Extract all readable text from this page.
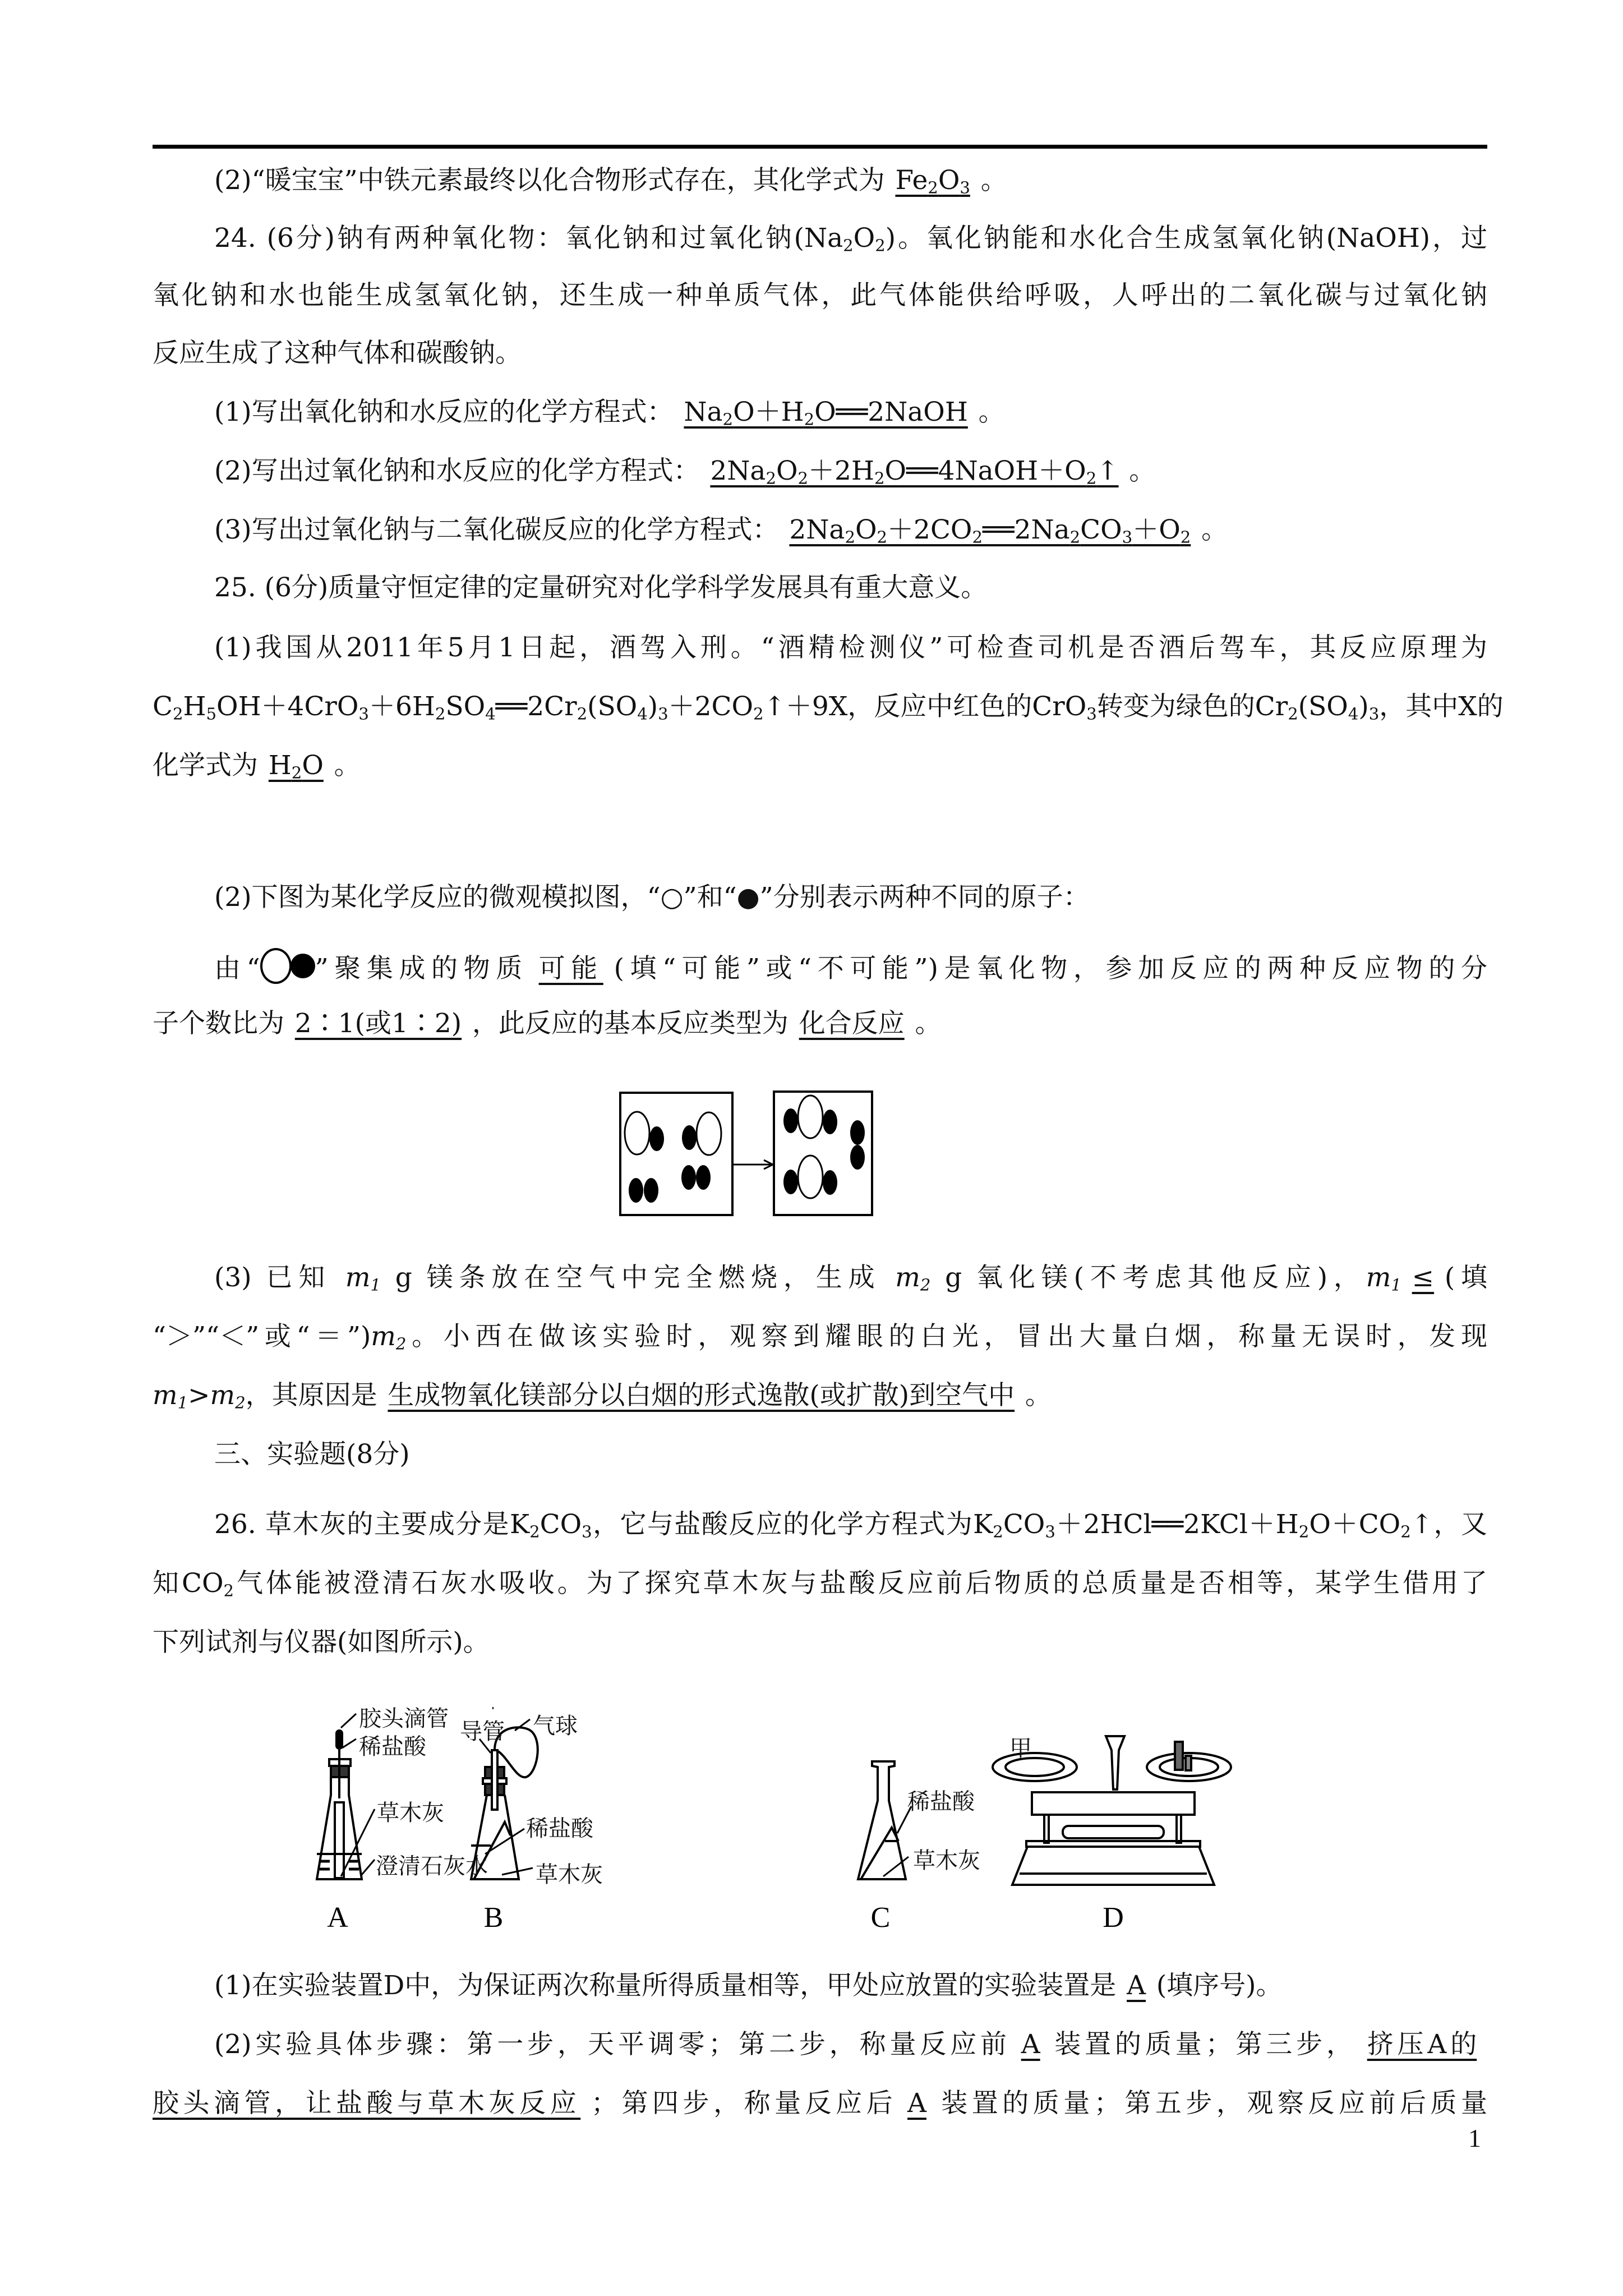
(2)“暖宝宝”中铁元素最终以化合物形式存在，其化学式为 $Fe_2O_3$ 。
24. (6分)钠有两种氧化物：氧化钠和过氧化钠$(Na_2O_2)$。氧化钠能和水化合生成氢氧化钠(NaOH)，过
氧化钠和水也能生成氢氧化钠，还生成一种单质气体，此气体能供给呼吸，人呼出的二氧化碳与过氧化钠
反应生成了这种气体和碳酸钠。
(1)写出氧化钠和水反应的化学方程式： $Na_2O+H_2O══2NaOH$ 。
(2)写出过氧化钠和水反应的化学方程式： $2Na_2O_2+2H_2O══4NaOH+O_2↑$ 。
(3)写出过氧化钠与二氧化碳反应的化学方程式： $2Na_2O_2+2CO_2══2Na_2CO_3+O_2$ 。
25. (6分)质量守恒定律的定量研究对化学科学发展具有重大意义。
(1)我国从2011年5月1日起，酒驾入刑。“酒精检测仪”可检查司机是否酒后驾车，其反应原理为
$C_2H_5OH+4CrO_3+6H_2SO_4══2Cr_2(SO_4)_3+2CO_2↑+9X$，反应中红色的CrO$_3$转变为绿色的$Cr_2(SO_4)_3$，其中X的
化学式为 $H_2O$ 。
(2)下图为某化学反应的微观模拟图，“○”和“●”分别表示两种不同的原子：
由“ ”聚集成的物质 可能 (填“可能”或“不可能”)是氧化物，参加反应的两种反应物的分
子个数比为 2∶1(或1∶2) ，此反应的基本反应类型为 化合反应 。
(3) 已知 $m_1$ g 镁条放在空气中完全燃烧，生成 $m_2$ g 氧化镁(不考虑其他反应)，$m_1$ ≤ (填
“＞”“＜”或“$=”)m_2$。小西在做该实验时，观察到耀眼的白光，冒出大量白烟，称量无误时，发现
$m_1>m_2$，其原因是 生成物氧化镁部分以白烟的形式逸散(或扩散)到空气中 。
三、实验题(8分)
26. 草木灰的主要成分是$K_2CO_3$，它与盐酸反应的化学方程式为$K_2CO_3+2HCl══2KCl+H_2O+CO_2↑$，又
知$CO_2$气体能被澄清石灰水吸收。为了探究草木灰与盐酸反应前后物质的总质量是否相等，某学生借用了
下列试剂与仪器(如图所示)。
A	B	C	D
胶头滴管
稀盐酸
草木灰
澄清石灰水
导管 气球
稀盐酸
草木灰
稀盐酸
草木灰
甲
(1)在实验装置D中，为保证两次称量所得质量相等，甲处应放置的实验装置是 A (填序号)。
(2)实验具体步骤：第一步，天平调零；第二步，称量反应前 A 装置的质量；第三步， 挤压A的
胶头滴管，让盐酸与草木灰反应 ；第四步，称量反应后 A 装置的质量；第五步，观察反应前后质量
1
